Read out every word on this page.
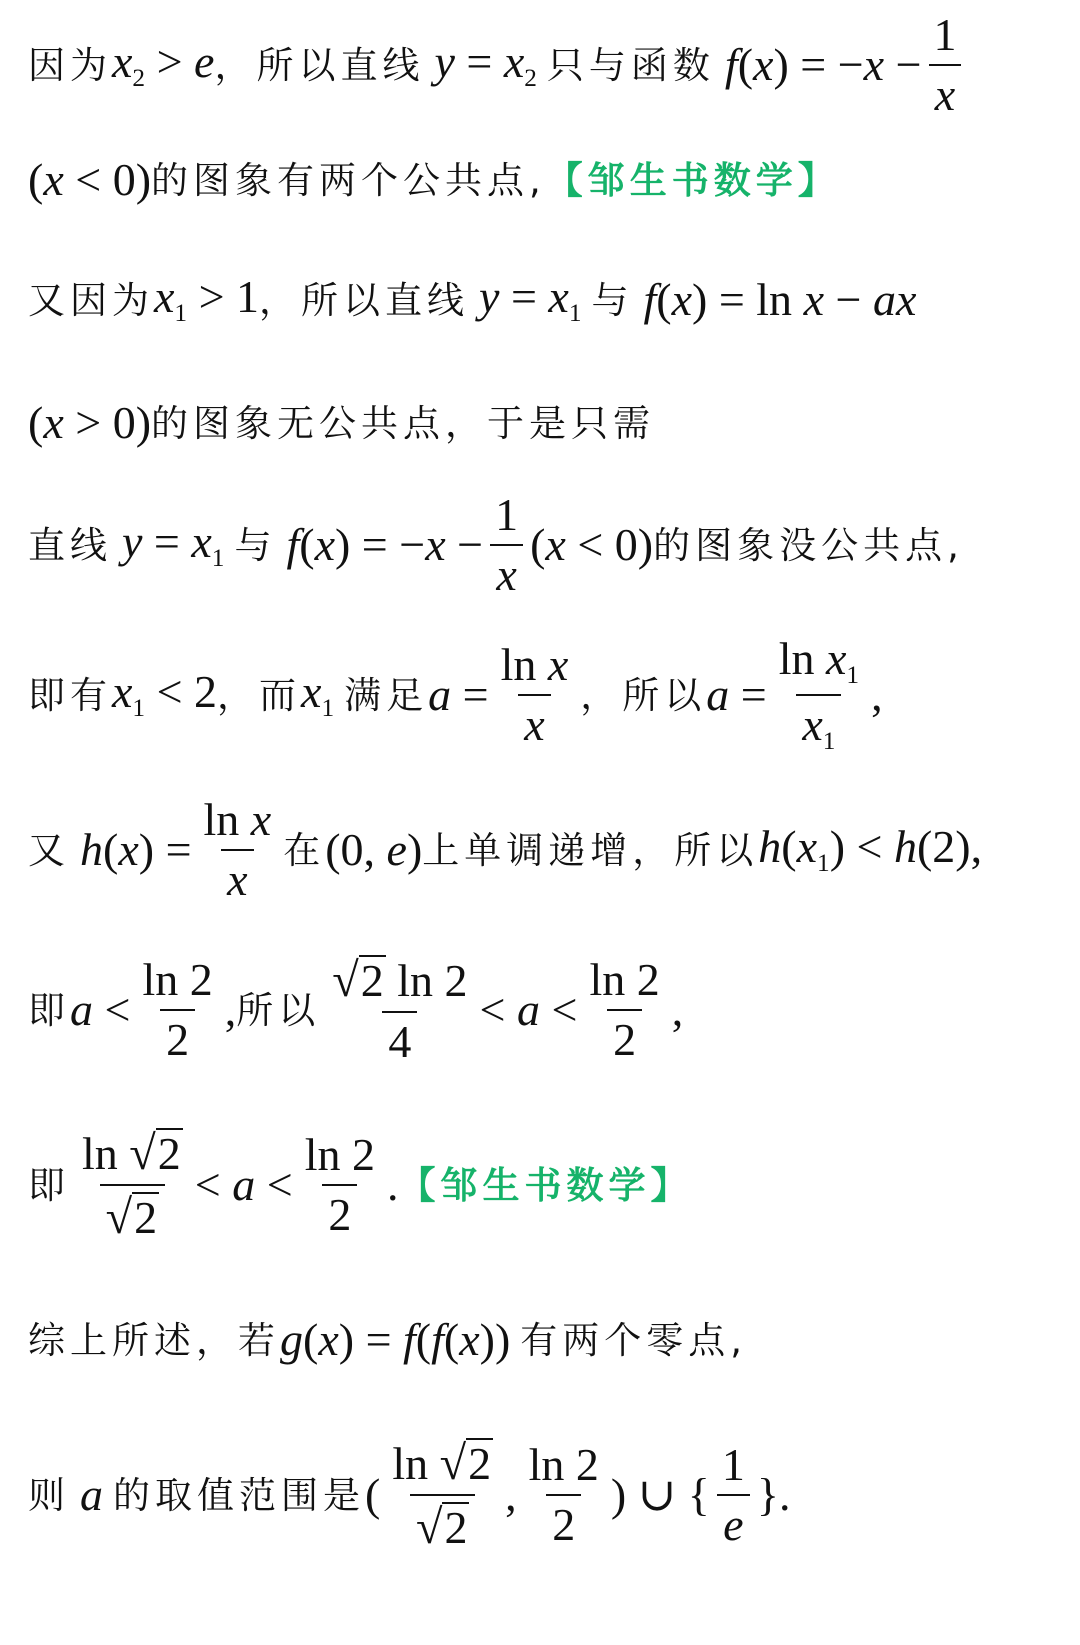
因为 $x_2 > e$ ， 所以直线 $y = x_2$ 只与函数 $f(x) = -x - \frac{1}{x}$
(x < 0) 的图象有两个公共点, 【邹生书数学】
又因为 $x_1 > 1$ ， 所以直线 $y = x_1$ 与 f(x) = ln x − ax
(x > 0) 的图象无公共点，于是只需
直线 $y = x_1$ 与 $f(x) = -x - \frac{1}{x} (x < 0)$ 的图象没公共点,
即有 $x_1 < 2$ ， 而 $x_1$ 满足 $a = \frac{\text{ln x}}{x}$ ， 所以 $a = \frac{\ln x_1}{x_1}$ ,
又 $h(x) = \frac{\text{ln x}}{x}$ 在 (0, e) 上单调递增，所以 $h(x_1) < h(2)$,
即 $a < \frac{\ln 2}{2}$ , 所以 $\frac{√ 2 \ln 2}{4} < a < \frac{\ln 2}{2}$ ,
即 $\frac{\ln √ 2}{√ 2} < a < \frac{\ln 2}{2}$ . 【邹生书数学】
综上所述，若 g(x) = f(f(x)) 有两个零点,
则 a 的取值范围是 ( $\frac{\ln √ 2}{√ 2}$ , $\frac{\ln 2}{2}$ ) ∪ { $\frac{1}{e}$ }.
